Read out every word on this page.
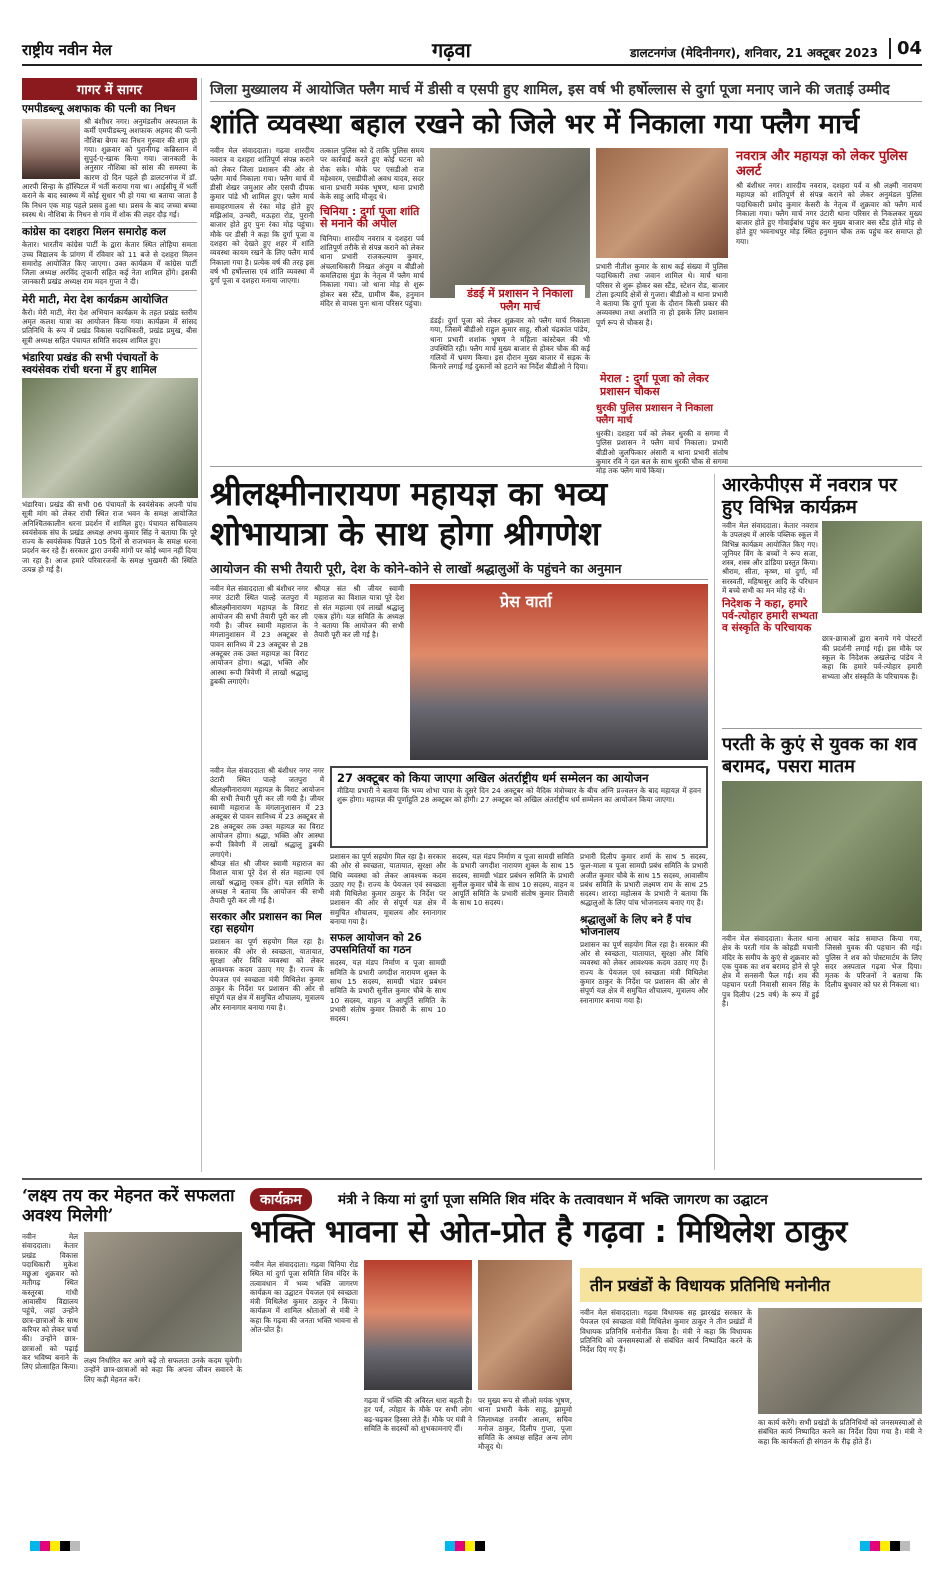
राष्ट्रीय नवीन मेल	गढ़वा	डालटनगंज (मेदिनीनगर), शनिवार, 21 अक्टूबर 2023	04
गागर में सागर
एमपीडब्ल्यू अशफाक की पत्नी का निधन
श्री बंशीधर नगर। अनुमंडलीय अस्पताल के कर्मी एमपीडब्ल्यू अशफाक अहमद की पत्नी नौशिबा बेगम का निधन गुरुवार की शाम हो गया। शुक्रवार को पुरानीगढ़ कब्रिस्तान में सुपुर्द-ए-खाक किया गया। जानकारी के अनुसार नौशिबा को सांस की समस्या के कारण दो दिन पहले ही डालटनगंज में डॉ. आरपी सिन्हा के हॉस्पिटल में भर्ती कराया गया था। आईसीयू में भर्ती कराने के बाद स्वास्थ्य में कोई सुधार भी हो गया था बताया जाता है कि निधन एक माह पहले प्रसव हुआ था। प्रसव के बाद जच्चा बच्चा स्वस्थ थे। नौशिबा के निधन से गांव में शोक की लहर दौड़ गई।
कांग्रेस का दशहरा मिलन समारोह कल
केतार। भारतीय कांग्रेस पार्टी के द्वारा केतार स्थित लोहिया समता उच्च विद्यालय के प्रांगण में रविवार को 11 बजे से दशहरा मिलन समारोह आयोजित किए जाएगा। उक्त कार्यक्रम में कांग्रेस पार्टी जिला अध्यक्ष अरविंद तूफानी सहित कई नेता शामिल होंगे। इसकी जानकारी प्रखंड अध्यक्ष राम मदन गुप्ता ने दी।
मेरी माटी, मेरा देश कार्यक्रम आयोजित
कैरो। मेरी माटी, मेरा देश अभियान कार्यक्रम के तहत प्रखंड स्तरीय अमृत कलश यात्रा का आयोजन किया गया। कार्यक्रम में सांसद प्रतिनिधि के रूप में प्रखंड विकास पदाधिकारी, प्रखंड प्रमुख, बीस सूत्री अध्यक्ष सहित पंचायत समिति सदस्य शामिल हुए।
भंडारिया प्रखंड की सभी पंचायतों के स्वयंसेवक रांची धरना में हुए शामिल
भंडारिया। प्रखंड की सभी 06 पंचायतों के स्वयंसेवक अपनी पांच सूत्री मांग को लेकर रांची स्थित राज भवन के समक्ष आयोजित अनिश्चितकालीन धरना प्रदर्शन में शामिल हुए। पंचायत सचिवालय स्वयंसेवक संघ के प्रखंड अध्यक्ष अभय कुमार सिंह ने बताया कि पूरे राज्य के स्वयंसेवक पिछले 105 दिनों से राजभवन के समक्ष धरना प्रदर्शन कर रहे हैं। सरकार द्वारा उनकी मांगों पर कोई ध्यान नहीं दिया जा रहा है। आज हमारे परिवारजनों के समक्ष भुखमरी की स्थिति उत्पन्न हो गई है।
जिला मुख्यालय में आयोजित फ्लैग मार्च में डीसी व एसपी हुए शामिल, इस वर्ष भी हर्षोल्लास से दुर्गा पूजा मनाए जाने की जताई उम्मीद
शांति व्यवस्था बहाल रखने को जिले भर में निकाला गया फ्लैग मार्च
नवीन मेल संवाददाता। गढ़वा शारदीय नवरात्र व दशहरा शांतिपूर्ण संपन्न कराने को लेकर जिला प्रशासन की ओर से फ्लैग मार्च निकाला गया। फ्लैग मार्च में डीसी शेखर जमुआर और एसपी दीपक कुमार पांडे भी शामिल हुए। फ्लैग मार्च समाहरणालय से रंका मोड़ होते हुए मझिआंव, उन्चरी, मऊहरा रोड, पुरानी बाजार होते हुए पुनः रंका मोड़ पहुंचा। मौके पर डीसी ने कहा कि दुर्गा पूजा व दशहरा को देखते हुए शहर में शांति व्यवस्था कायम रखने के लिए फ्लैग मार्च निकाला गया है। प्रत्येक वर्ष की तरह इस वर्ष भी हर्षोल्लास एवं शांति व्यवस्था में दुर्गा पूजा व दशहरा मनाया जाएगा।
तत्काल पुलिस को दें ताकि पुलिस समय पर कार्रवाई करते हुए कोई घटना को रोक सके। मौके पर एसडीओ राज महेश्वरम, एसडीपीओ अवध यादव, सदर थाना प्रभारी मयंक भूषण, थाना प्रभारी केके साहू आदि मौजूद थे।
चिनिया : दुर्गा पूजा शांति से मनाने की अपील
चिनिया। शारदीय नवरात्र व दशहरा पर्व शांतिपूर्ण तरीके से संपन्न कराने को लेकर थाना प्रभारी राजकल्याण कुमार, अंचलाधिकारी निखत अंजुम व बीडीओ कमलिदास मुंडा के नेतृत्व में फ्लैग मार्च निकाला गया। जो थाना मोड़ से शुरू होकर बस स्टैंड, ग्रामीण बैंक, हनुमान मंदिर से वापस पुनः थाना परिसर पहुंचा।
डंडई में प्रशासन ने निकाला फ्लैग मार्च
डंडई। दुर्गा पूजा को लेकर शुक्रवार को फ्लैग मार्च निकाला गया, जिसमें बीडीओ राहुल कुमार साहू, सीओ चंद्रकांत पांडेय, थाना प्रभारी शशांक भूषण ने महिला कांस्टेबल की भी उपस्थिति रही। फ्लैग मार्च मुख्य बाजार से होकर चौक की कई गलियों में भ्रमण किया। इस दौरान मुख्य बाजार में सड़क के किनारे लगाई गई दुकानों को हटाने का निर्देश बीडीओ ने दिया।
प्रभारी नीतीश कुमार के साथ कई संख्या में पुलिस पदाधिकारी तथा जवान शामिल थे। मार्च थाना परिसर से शुरू होकर बस स्टैंड, स्टेशन रोड, बाजार टोला इत्यादि क्षेत्रों से गुजरा। बीडीओ व थाना प्रभारी ने बताया कि दुर्गा पूजा के दौरान किसी प्रकार की अव्यवस्था तथा अशांति ना हो इसके लिए प्रशासन पूर्ण रूप से चौकस है।
मेराल : दुर्गा पूजा को लेकर प्रशासन चौकस
धुरकी पुलिस प्रशासन ने निकाला फ्लैग मार्च
धुरकी। दशहरा पर्व को लेकर धुरकी व सगमा में पुलिस प्रशासन ने फ्लैग मार्च निकाला। प्रभारी बीडीओ जुलफिकार अंसारी व थाना प्रभारी संतोष कुमार रवि ने दल बल के साथ धुरकी चौक से सगमा मोड़ तक फ्लैग मार्च किया।
नवरात्र और महायज्ञ को लेकर पुलिस अलर्ट
श्री बंशीधर नगर। शारदीय नवरात्र, दशहरा पर्व व श्री लक्ष्मी नारायण महायज्ञ को शांतिपूर्ण से संपन्न कराने को लेकर अनुमंडल पुलिस पदाधिकारी प्रमोद कुमार केसरी के नेतृत्व में शुक्रवार को फ्लैग मार्च निकाला गया। फ्लैग मार्च नगर उंटारी थाना परिसर से निकलकर मुख्य बाजार होते हुए गोवाईबांध पहुंच कर मुख्य बाजार बस स्टैंड होते मोड़ से होते हुए भवनाथपुर मोड़ स्थित हनुमान चौक तक पहुंच कर समाप्त हो गया।
श्रीलक्ष्मीनारायण महायज्ञ का भव्य शोभायात्रा के साथ होगा श्रीगणेश
आयोजन की सभी तैयारी पूरी, देश के कोने-कोने से लाखों श्रद्धालुओं के पहुंचने का अनुमान
नवीन मेल संवाददाता श्री बंशीधर नगर नगर उंटारी स्थित पाल्हे जतपुरा में श्रीलक्ष्मीनारायण महायज्ञ के विराट आयोजन की सभी तैयारी पूरी कर ली गयी है। जीयर स्वामी महाराज के मंगलानुशासन में 23 अक्टूबर से पावन सानिध्य में 23 अक्टूबर से 28 अक्टूबर तक उक्त महायज्ञ का विराट आयोजन होगा। श्रद्धा, भक्ति और आस्था रूपी त्रिवेणी में लाखों श्रद्धालु डुबकी लगाएंगे।
श्रीयज्ञ संत श्री जीयर स्वामी महाराज का विशाल यात्रा पूरे देश से संत महात्मा एवं लाखों श्रद्धालु एकत्र होंगे। यज्ञ समिति के अध्यक्ष ने बताया कि आयोजन की सभी तैयारी पूरी कर ली गई है।
प्रेस वार्ता
27 अक्टूबर को किया जाएगा अखिल अंतर्राष्ट्रीय धर्म सम्मेलन का आयोजन
मीडिया प्रभारी ने बताया कि भव्य शोभा यात्रा के दूसरे दिन 24 अक्टूबर को वैदिक मंत्रोच्चार के बीच अग्नि प्रज्वलन के बाद महायज्ञ में हवन शुरू होगा। महायज्ञ की पूर्णाहुति 28 अक्टूबर को होगी। 27 अक्टूबर को अखिल अंतर्राष्ट्रीय धर्म सम्मेलन का आयोजन किया जाएगा।
नवीन मेल संवाददाता श्री बंशीधर नगर नगर उंटारी स्थित पाल्हे जतपुरा में श्रीलक्ष्मीनारायण महायज्ञ के विराट आयोजन की सभी तैयारी पूरी कर ली गयी है। जीयर स्वामी महाराज के मंगलानुशासन में 23 अक्टूबर से पावन सानिध्य में 23 अक्टूबर से 28 अक्टूबर तक उक्त महायज्ञ का विराट आयोजन होगा। श्रद्धा, भक्ति और आस्था रूपी त्रिवेणी में लाखों श्रद्धालु डुबकी लगाएंगे।
श्रीयज्ञ संत श्री जीयर स्वामी महाराज का विशाल यात्रा पूरे देश से संत महात्मा एवं लाखों श्रद्धालु एकत्र होंगे। यज्ञ समिति के अध्यक्ष ने बताया कि आयोजन की सभी तैयारी पूरी कर ली गई है।
सरकार और प्रशासन का मिल रहा सहयोग
प्रशासन का पूर्ण सहयोग मिल रहा है। सरकार की ओर से स्वच्छता, यातायात, सुरक्षा और विधि व्यवस्था को लेकर आवश्यक कदम उठाए गए हैं। राज्य के पेयजल एवं स्वच्छता मंत्री मिथिलेश कुमार ठाकुर के निर्देश पर प्रशासन की ओर से संपूर्ण यज्ञ क्षेत्र में समुचित शौचालय, मूत्रालय और स्नानागार बनाया गया है।
प्रशासन का पूर्ण सहयोग मिल रहा है। सरकार की ओर से स्वच्छता, यातायात, सुरक्षा और विधि व्यवस्था को लेकर आवश्यक कदम उठाए गए हैं। राज्य के पेयजल एवं स्वच्छता मंत्री मिथिलेश कुमार ठाकुर के निर्देश पर प्रशासन की ओर से संपूर्ण यज्ञ क्षेत्र में समुचित शौचालय, मूत्रालय और स्नानागार बनाया गया है।
सफल आयोजन को 26 उपसमितियों का गठन
सदस्य, यज्ञ मंडप निर्माण व पूजा सामग्री समिति के प्रभारी जगदीश नारायण शुक्ल के साथ 15 सदस्य, सामग्री भंडार प्रबंधन समिति के प्रभारी सुनील कुमार चौबे के साथ 10 सदस्य, वाहन व आपूर्ति समिति के प्रभारी संतोष कुमार तिवारी के साथ 10 सदस्य।
सदस्य, यज्ञ मंडप निर्माण व पूजा सामग्री समिति के प्रभारी जगदीश नारायण शुक्ल के साथ 15 सदस्य, सामग्री भंडार प्रबंधन समिति के प्रभारी सुनील कुमार चौबे के साथ 10 सदस्य, वाहन व आपूर्ति समिति के प्रभारी संतोष कुमार तिवारी के साथ 10 सदस्य।
प्रभारी दिलीप कुमार शर्मा के साथ 5 सदस्य, फूल-माला व पूजा सामग्री प्रबंध समिति के प्रभारी अजीत कुमार चौबे के साथ 15 सदस्य, आवासीय प्रबंध समिति के प्रभारी लक्ष्मण राम के साथ 25 सदस्य। शारदा महोत्सव के प्रभारी ने बताया कि श्रद्धालुओं के लिए पांच भोजनालय बनाए गए हैं।
श्रद्धालुओं के लिए बने हैं पांच भोजनालय
प्रशासन का पूर्ण सहयोग मिल रहा है। सरकार की ओर से स्वच्छता, यातायात, सुरक्षा और विधि व्यवस्था को लेकर आवश्यक कदम उठाए गए हैं। राज्य के पेयजल एवं स्वच्छता मंत्री मिथिलेश कुमार ठाकुर के निर्देश पर प्रशासन की ओर से संपूर्ण यज्ञ क्षेत्र में समुचित शौचालय, मूत्रालय और स्नानागार बनाया गया है।
आरकेपीएस में नवरात्र पर हुए विभिन्न कार्यक्रम
नवीन मेल संवाददाता। केतार नवरात्र के उपलक्ष्य में आरके पब्लिक स्कूल में विभिन्न कार्यक्रम आयोजित किए गए। जूनियर विंग के बच्चों ने रूप सजा, शस्त्र, शस्त्र और डांडिया प्रस्तुत किया। श्रीराम, सीता, कृष्ण, मां दुर्गा, माँ सरस्वती, महिषासुर आदि के परिधान में बच्चे सभी का मन मोह रहे थे।
निदेशक ने कहा, हमारे पर्व-त्योहार हमारी सभ्यता व संस्कृति के परिचायक
छात्र-छात्राओं द्वारा बनाये गये पोस्टरों की प्रदर्शनी लगाई गई। इस मौके पर स्कूल के निदेशक अखलेन्द्र पांडेय ने कहा कि हमारे पर्व-त्योहार हमारी सभ्यता और संस्कृति के परिचायक हैं।
परती के कुएं से युवक का शव बरामद, पसरा मातम
नवीन मेल संवाददाता। केतार थाना क्षेत्र के परती गांव के कोहडी मचानी मंदिर के समीप के कुएं से शुक्रवार को एक युवक का शव बरामद होने से पूरे क्षेत्र में सनसनी फैल गई। शव की पहचान परती निवासी सावन सिंह के पुत्र दिलीप (25 वर्ष) के रूप में हुई है।
आचार कांड समाप्त किया गया, जिससे युवक की पहचान की गई। पुलिस ने शव को पोस्टमार्टम के लिए सदर अस्पताल गढ़वा भेज दिया। मृतक के परिजनों ने बताया कि दिलीप बुधवार को घर से निकला था।
‘लक्ष्य तय कर मेहनत करें सफलता अवश्य मिलेगी’
नवीन मेल संवाददाता। केतार प्रखंड विकास पदाधिकारी मुकेश मछुआ शुक्रवार को मतीगढ़ स्थित कस्तूरबा गांधी आवासीय विद्यालय पहुंचे, जहां उन्होंने छात्र-छात्राओं के साथ करियर को लेकर चर्चा की। उन्होंने छात्र-छात्राओं को पढ़ाई कर भविष्य बनाने के लिए प्रोत्साहित किया।
लक्ष्य निर्धारित कर आगे बढ़ें तो सफलता उनके कदम चूमेगी। उन्होंने छात्र-छात्राओं को कहा कि अपना जीवन सवारने के लिए कड़ी मेहनत करें।
कार्यक्रम	मंत्री ने किया मां दुर्गा पूजा समिति शिव मंदिर के तत्वावधान में भक्ति जागरण का उद्घाटन
भक्ति भावना से ओत-प्रोत है गढ़वा : मिथिलेश ठाकुर
नवीन मेल संवाददाता। गढ़वा चिनिया रोड स्थित मां दुर्गा पूजा समिति शिव मंदिर के तत्वावधान में भव्य भक्ति जागरण कार्यक्रम का उद्घाटन पेयजल एवं स्वच्छता मंत्री मिथिलेश कुमार ठाकुर ने किया। कार्यक्रम में शामिल श्रोताओं से मंत्री ने कहा कि गढ़वा की जनता भक्ति भावना से ओत-प्रोत है।
गढ़वा में भक्ति की अविरल धारा बहती है। हर पर्व, त्योहार के मौके पर सभी लोग बढ़-चढ़कर हिस्सा लेते हैं। मौके पर मंत्री ने समिति के सदस्यों को शुभकामनाएं दीं।
पर मुख्य रूप से सीओ मयंक भूषण, थाना प्रभारी केके साहू, झामुमो जिलाध्यक्ष तनवीर आलम, सचिव मनोज ठाकुर, दिलीप गुप्ता, पूजा समिति के अध्यक्ष सहित अन्य लोग मौजूद थे।
तीन प्रखंडों के विधायक प्रतिनिधि मनोनीत
नवीन मेल संवाददाता। गढ़वा विधायक सह झारखंड सरकार के पेयजल एवं स्वच्छता मंत्री मिथिलेश कुमार ठाकुर ने तीन प्रखंडों में विधायक प्रतिनिधि मनोनीत किया है। मंत्री ने कहा कि विधायक प्रतिनिधि को जनसमस्याओं से संबंधित कार्य निष्पादित करने के निर्देश दिए गए हैं।
का कार्य करेंगे। सभी प्रखंडों के प्रतिनिधियों को जनसमस्याओं से संबंधित कार्य निष्पादित करने का निर्देश दिया गया है। मंत्री ने कहा कि कार्यकर्ता ही संगठन के रीढ़ होते हैं।
